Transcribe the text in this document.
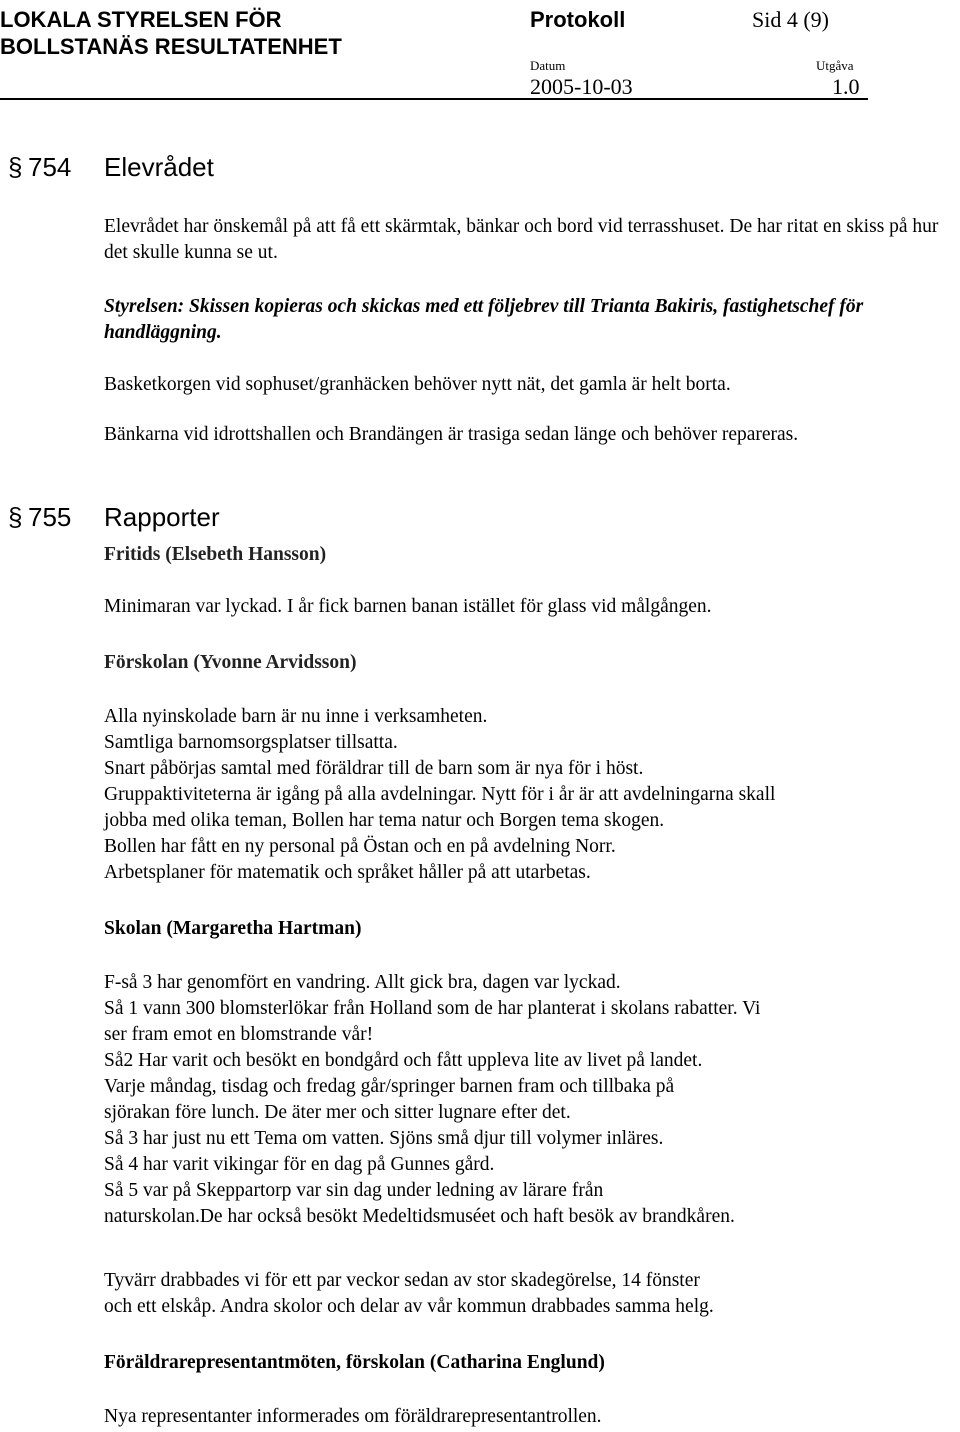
LOKALA STYRELSEN FÖR
BOLLSTANÄS RESULTATENHET
Protokoll	Sid 4 (9)
Datum
2005-10-03
Utgåva
1.0
§ 754 Elevrådet

Elevrådet har önskemål på att få ett skärmtak, bänkar och bord vid terrasshuset. De har ritat en skiss på hur det skulle kunna se ut.

Styrelsen: Skissen kopieras och skickas med ett följebrev till Trianta Bakiris, fastighetschef för handläggning.

Basketkorgen vid sophuset/granhäcken behöver nytt nät, det gamla är helt borta.
Bänkarna vid idrottshallen och Brandängen är trasiga sedan länge och behöver repareras.
§ 755 Rapporter
Fritids (Elsebeth Hansson)
Minimaran var lyckad. I år fick barnen banan istället för glass vid målgången.
Förskolan (Yvonne Arvidsson)

Alla nyinskolade barn är nu inne i verksamheten.

Samtliga barnomsorgsplatser tillsatta.

Snart påbörjas samtal med föräldrar till de barn som är nya för i höst.

Gruppaktiviteterna är igång på alla avdelningar. Nytt för i år är att avdelningarna skall

jobba med olika teman, Bollen har tema natur och Borgen tema skogen.

Bollen har fått en ny personal på Östan och en på avdelning Norr.

Arbetsplaner för matematik och språket håller på att utarbetas.

Skolan (Margaretha Hartman)

F-så 3 har genomfört en vandring. Allt gick bra, dagen var lyckad.

Så 1 vann 300 blomsterlökar från Holland som de har planterat i skolans rabatter. Vi

ser fram emot en blomstrande vår!

Så2 Har varit och besökt en bondgård och fått uppleva lite av livet på landet.

Varje måndag, tisdag och fredag går/springer barnen fram och tillbaka på

sjörakan före lunch. De äter mer och sitter lugnare efter det.

Så 3 har just nu ett Tema om vatten. Sjöns små djur till volymer inläres.

Så 4 har varit vikingar för en dag på Gunnes gård.

Så 5 var på Skeppartorp var sin dag under ledning av lärare från

naturskolan.De har också besökt Medeltidsmuséet och haft besök av brandkåren.

Tyvärr drabbades vi för ett par veckor sedan av stor skadegörelse, 14 fönster

och ett elskåp. Andra skolor och delar av vår kommun drabbades samma helg.

Föräldrarepresentantmöten, förskolan (Catharina Englund)
Nya representanter informerades om föräldrarepresentantrollen.
